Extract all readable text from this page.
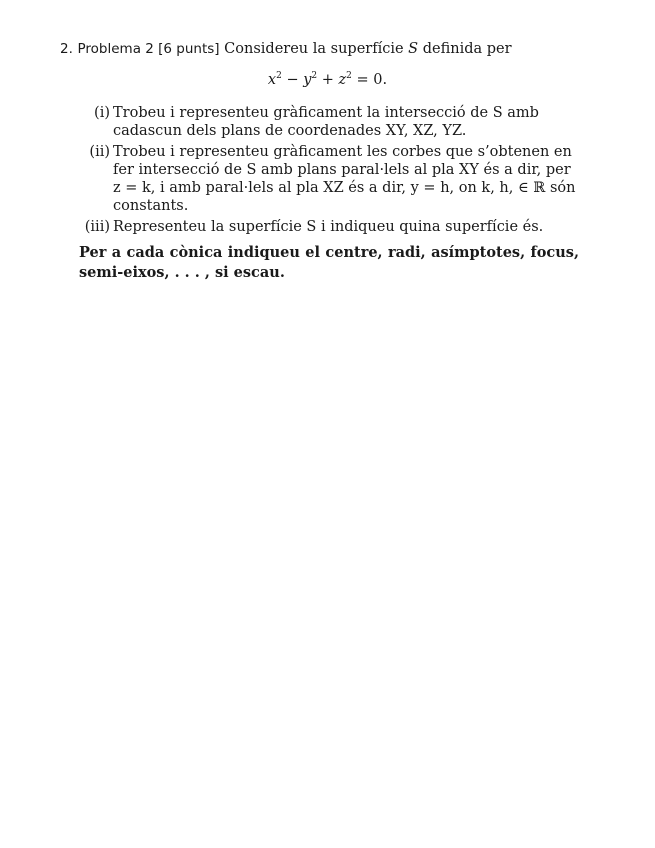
2. Problema 2 [6 punts] Considereu la superfície S definida per
$x^2 - y^2 + z^2 = 0$.
(i) Trobeu i representeu gràficament la intersecció de S amb cadascun dels plans de coordenades XY, XZ, YZ.
(ii) Trobeu i representeu gràficament les corbes que s’obtenen en fer intersecció de S amb plans paral·lels al pla XY és a dir, per z = k, i amb paral·lels al pla XZ és a dir, y = h, on k, h, ∈ ℝ són constants.
(iii) Representeu la superfície S i indiqueu quina superfície és.
Per a cada cònica indiqueu el centre, radi, asímptotes, focus, semi-eixos, . . . , si escau.
